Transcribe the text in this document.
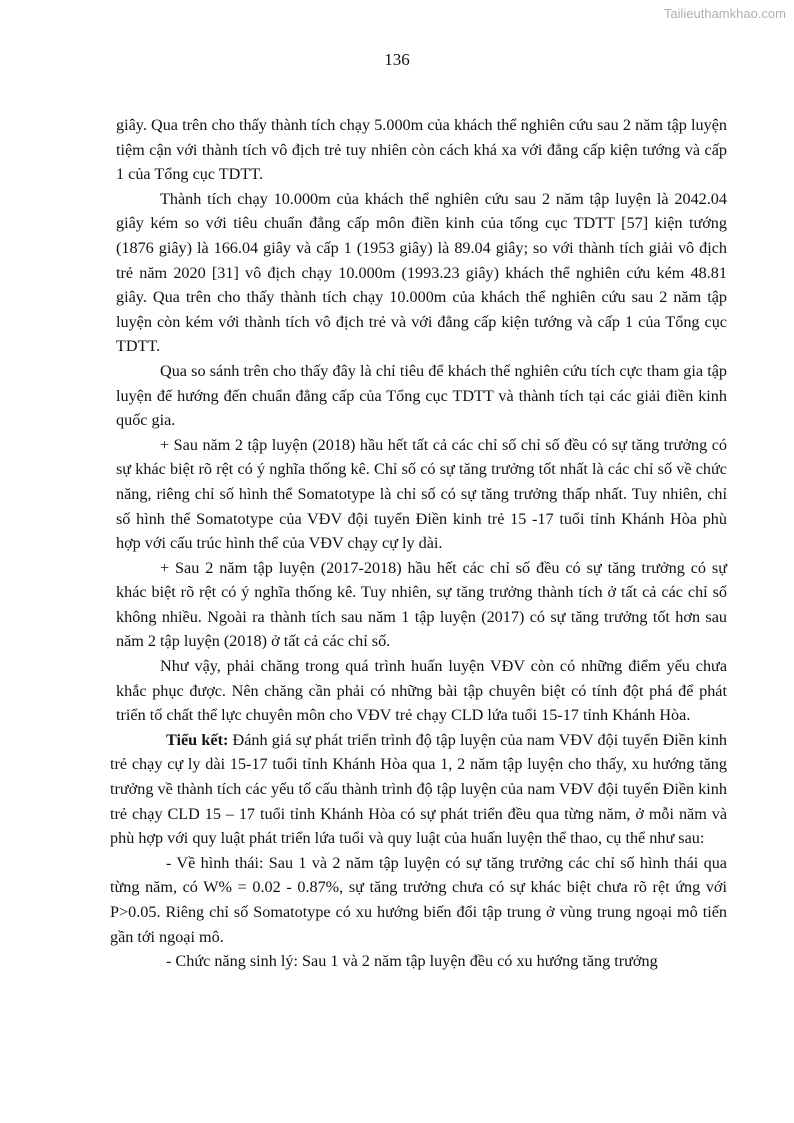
Tailieuthamkhao.com
136

giây. Qua trên cho thấy thành tích chạy 5.000m của khách thể nghiên cứu sau 2 năm tập luyện tiệm cận với thành tích vô địch trẻ tuy nhiên còn cách khá xa với đẳng cấp kiện tướng và cấp 1 của Tổng cục TDTT.

Thành tích chạy 10.000m của khách thể nghiên cứu sau 2 năm tập luyện là 2042.04 giây kém so với tiêu chuẩn đẳng cấp môn điền kinh của tổng cục TDTT [57] kiện tướng (1876 giây) là 166.04 giây và cấp 1 (1953 giây) là 89.04 giây; so với thành tích giải vô địch trẻ năm 2020 [31] vô địch chạy 10.000m (1993.23 giây) khách thể nghiên cứu kém 48.81 giây. Qua trên cho thấy thành tích chạy 10.000m của khách thể nghiên cứu sau 2 năm tập luyện còn kém với thành tích vô địch trẻ và với đẳng cấp kiện tướng và cấp 1 của Tổng cục TDTT.

Qua so sánh trên cho thấy đây là chỉ tiêu để khách thể nghiên cứu tích cực tham gia tập luyện để hướng đến chuẩn đẳng cấp của Tổng cục TDTT và thành tích tại các giải điền kinh quốc gia.

+ Sau năm 2 tập luyện (2018) hầu hết tất cả các chỉ số chỉ số đều có sự tăng trưởng có sự khác biệt rõ rệt có ý nghĩa thống kê. Chỉ số có sự tăng trưởng tốt nhất là các chỉ số về chức năng, riêng chỉ số hình thể Somatotype là chỉ số có sự tăng trưởng thấp nhất. Tuy nhiên, chỉ số hình thể Somatotype của VĐV đội tuyển Điền kinh trẻ 15 -17 tuổi tỉnh Khánh Hòa phù hợp với cấu trúc hình thể của VĐV chạy cự ly dài.

+ Sau 2 năm tập luyện (2017-2018) hầu hết các chỉ số đều có sự tăng trưởng có sự khác biệt rõ rệt có ý nghĩa thống kê. Tuy nhiên, sự tăng trưởng thành tích ở tất cả các chỉ số không nhiều. Ngoài ra thành tích sau năm 1 tập luyện (2017) có sự tăng trưởng tốt hơn sau năm 2 tập luyện (2018) ở tất cả các chỉ số.

Như vậy, phải chăng trong quá trình huấn luyện VĐV còn có những điểm yếu chưa khắc phục được. Nên chăng cần phải có những bài tập chuyên biệt có tính đột phá để phát triển tố chất thể lực chuyên môn cho VĐV trẻ chạy CLD lứa tuổi 15-17 tỉnh Khánh Hòa.

Tiểu kết: Đánh giá sự phát triển trình độ tập luyện của nam VĐV đội tuyển Điền kinh trẻ chạy cự ly dài 15-17 tuổi tỉnh Khánh Hòa qua 1, 2 năm tập luyện cho thấy, xu hướng tăng trưởng về thành tích các yếu tố cấu thành trình độ tập luyện của nam VĐV đội tuyển Điền kinh trẻ chạy CLD 15 – 17 tuổi tỉnh Khánh Hòa có sự phát triển đều qua từng năm, ở mỗi năm và phù hợp với quy luật phát triển lứa tuổi và quy luật của huấn luyện thể thao, cụ thể như sau:

- Về hình thái: Sau 1 và 2 năm tập luyện có sự tăng trưởng các chỉ số hình thái qua từng năm, có W% = 0.02 - 0.87%, sự tăng trưởng chưa có sự khác biệt chưa rõ rệt ứng với P>0.05. Riêng chỉ số Somatotype có xu hướng biến đổi tập trung ở vùng trung ngoại mô tiến gần tới ngoại mô.

- Chức năng sinh lý: Sau 1 và 2 năm tập luyện đều có xu hướng tăng trưởng
